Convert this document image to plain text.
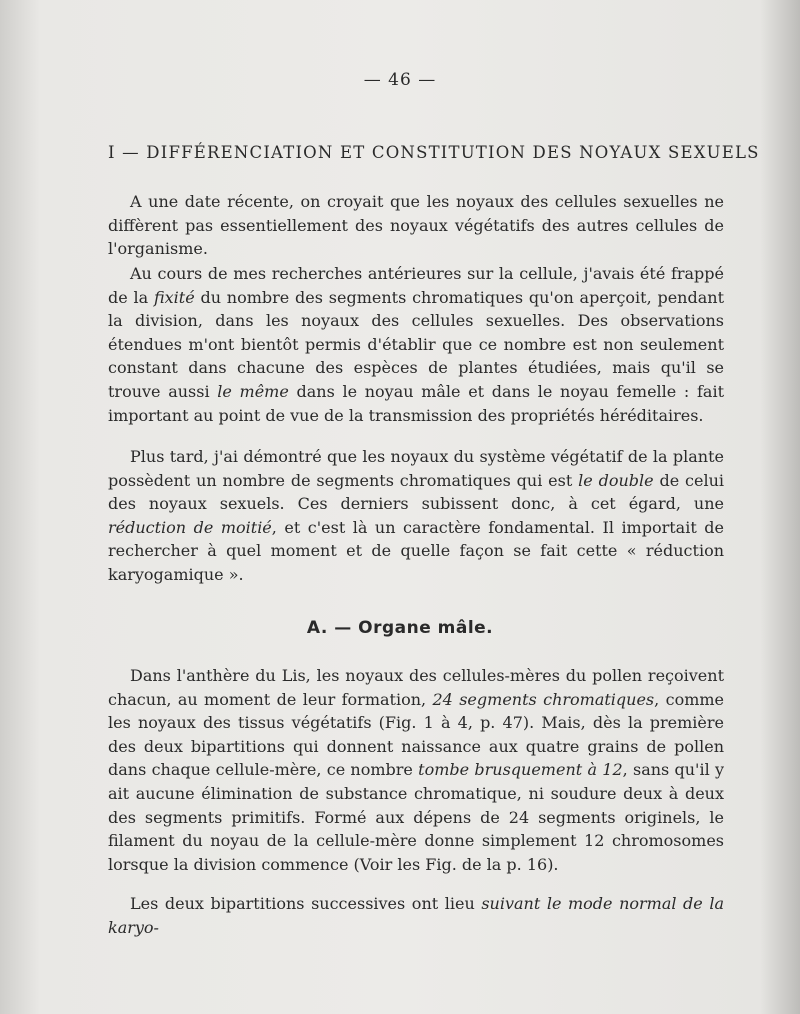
— 46 —
I — DIFFÉRENCIATION ET CONSTITUTION DES NOYAUX SEXUELS

A une date récente, on croyait que les noyaux des cellules sexuelles ne diffèrent pas essentiellement des noyaux végétatifs des autres cellules de l'organisme.

Au cours de mes recherches antérieures sur la cellule, j'avais été frappé de la fixité du nombre des segments chromatiques qu'on aperçoit, pendant la division, dans les noyaux des cellules sexuelles. Des observations étendues m'ont bientôt permis d'établir que ce nombre est non seulement constant dans chacune des espèces de plantes étudiées, mais qu'il se trouve aussi le même dans le noyau mâle et dans le noyau femelle : fait important au point de vue de la transmission des propriétés héréditaires.

Plus tard, j'ai démontré que les noyaux du système végétatif de la plante possèdent un nombre de segments chromatiques qui est le double de celui des noyaux sexuels. Ces derniers subissent donc, à cet égard, une réduction de moitié, et c'est là un caractère fondamental. Il importait de rechercher à quel moment et de quelle façon se fait cette « réduction karyogamique ».

A. — Organe mâle.

Dans l'anthère du Lis, les noyaux des cellules-mères du pollen reçoivent chacun, au moment de leur formation, 24 segments chromatiques, comme les noyaux des tissus végétatifs (Fig. 1 à 4, p. 47). Mais, dès la première des deux bipartitions qui donnent naissance aux quatre grains de pollen dans chaque cellule-mère, ce nombre tombe brusquement à 12, sans qu'il y ait aucune élimination de substance chromatique, ni soudure deux à deux des segments primitifs. Formé aux dépens de 24 segments originels, le filament du noyau de la cellule-mère donne simplement 12 chromosomes lorsque la division commence (Voir les Fig. de la p. 16).

Les deux bipartitions successives ont lieu suivant le mode normal de la karyo-
